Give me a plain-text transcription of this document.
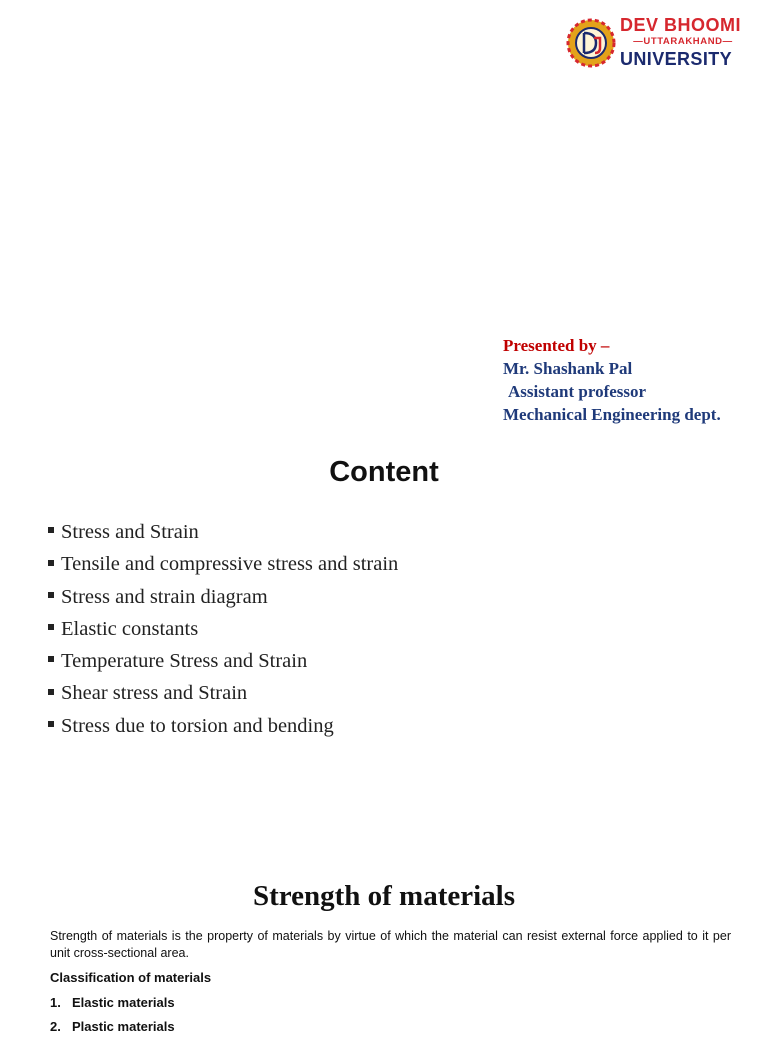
DEV BHOOMI
—UTTARAKHAND—
UNIVERSITY
Presented by –
Mr. Shashank Pal
Assistant professor
Mechanical Engineering dept.
Content
Stress and Strain
Tensile and compressive stress and strain
Stress and strain diagram
Elastic constants
Temperature Stress and Strain
Shear stress and Strain
Stress due to torsion and bending
Strength of materials

Strength of materials is the property of materials by virtue of which the material can resist external force applied to it per unit cross-sectional area.

Classification of materials
1. Elastic materials
2. Plastic materials
